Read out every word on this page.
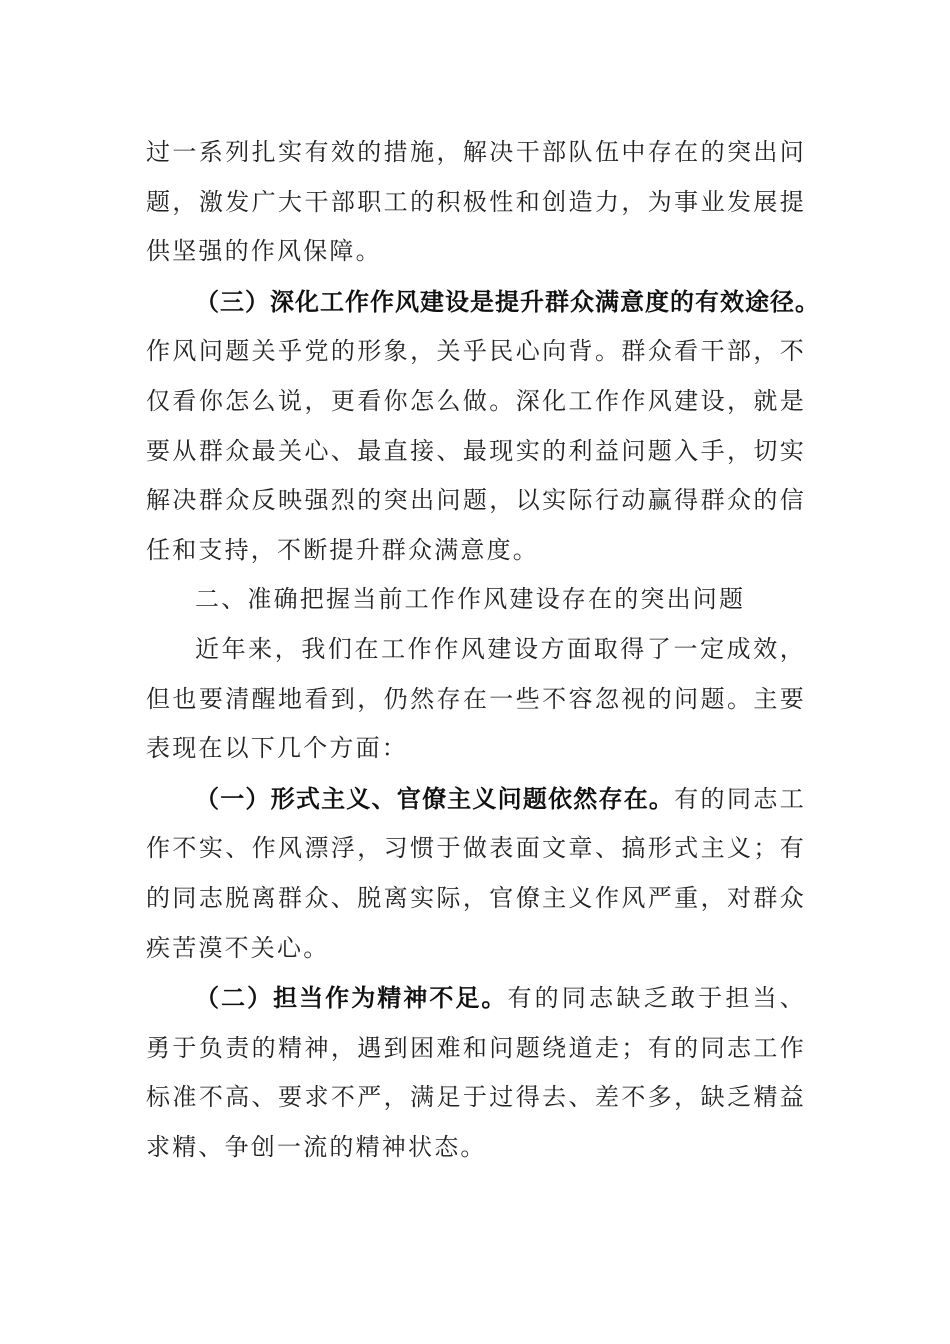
过一系列扎实有效的措施，解决干部队伍中存在的突出问题，激发广大干部职工的积极性和创造力，为事业发展提供坚强的作风保障。

（三）深化工作作风建设是提升群众满意度的有效途径。作风问题关乎党的形象，关乎民心向背。群众看干部，不仅看你怎么说，更看你怎么做。深化工作作风建设，就是要从群众最关心、最直接、最现实的利益问题入手，切实解决群众反映强烈的突出问题，以实际行动赢得群众的信任和支持，不断提升群众满意度。

二、准确把握当前工作作风建设存在的突出问题

近年来，我们在工作作风建设方面取得了一定成效，但也要清醒地看到，仍然存在一些不容忽视的问题。主要表现在以下几个方面：

（一）形式主义、官僚主义问题依然存在。有的同志工作不实、作风漂浮，习惯于做表面文章、搞形式主义；有的同志脱离群众、脱离实际，官僚主义作风严重，对群众疾苦漠不关心。

（二）担当作为精神不足。有的同志缺乏敢于担当、勇于负责的精神，遇到困难和问题绕道走；有的同志工作标准不高、要求不严，满足于过得去、差不多，缺乏精益求精、争创一流的精神状态。
